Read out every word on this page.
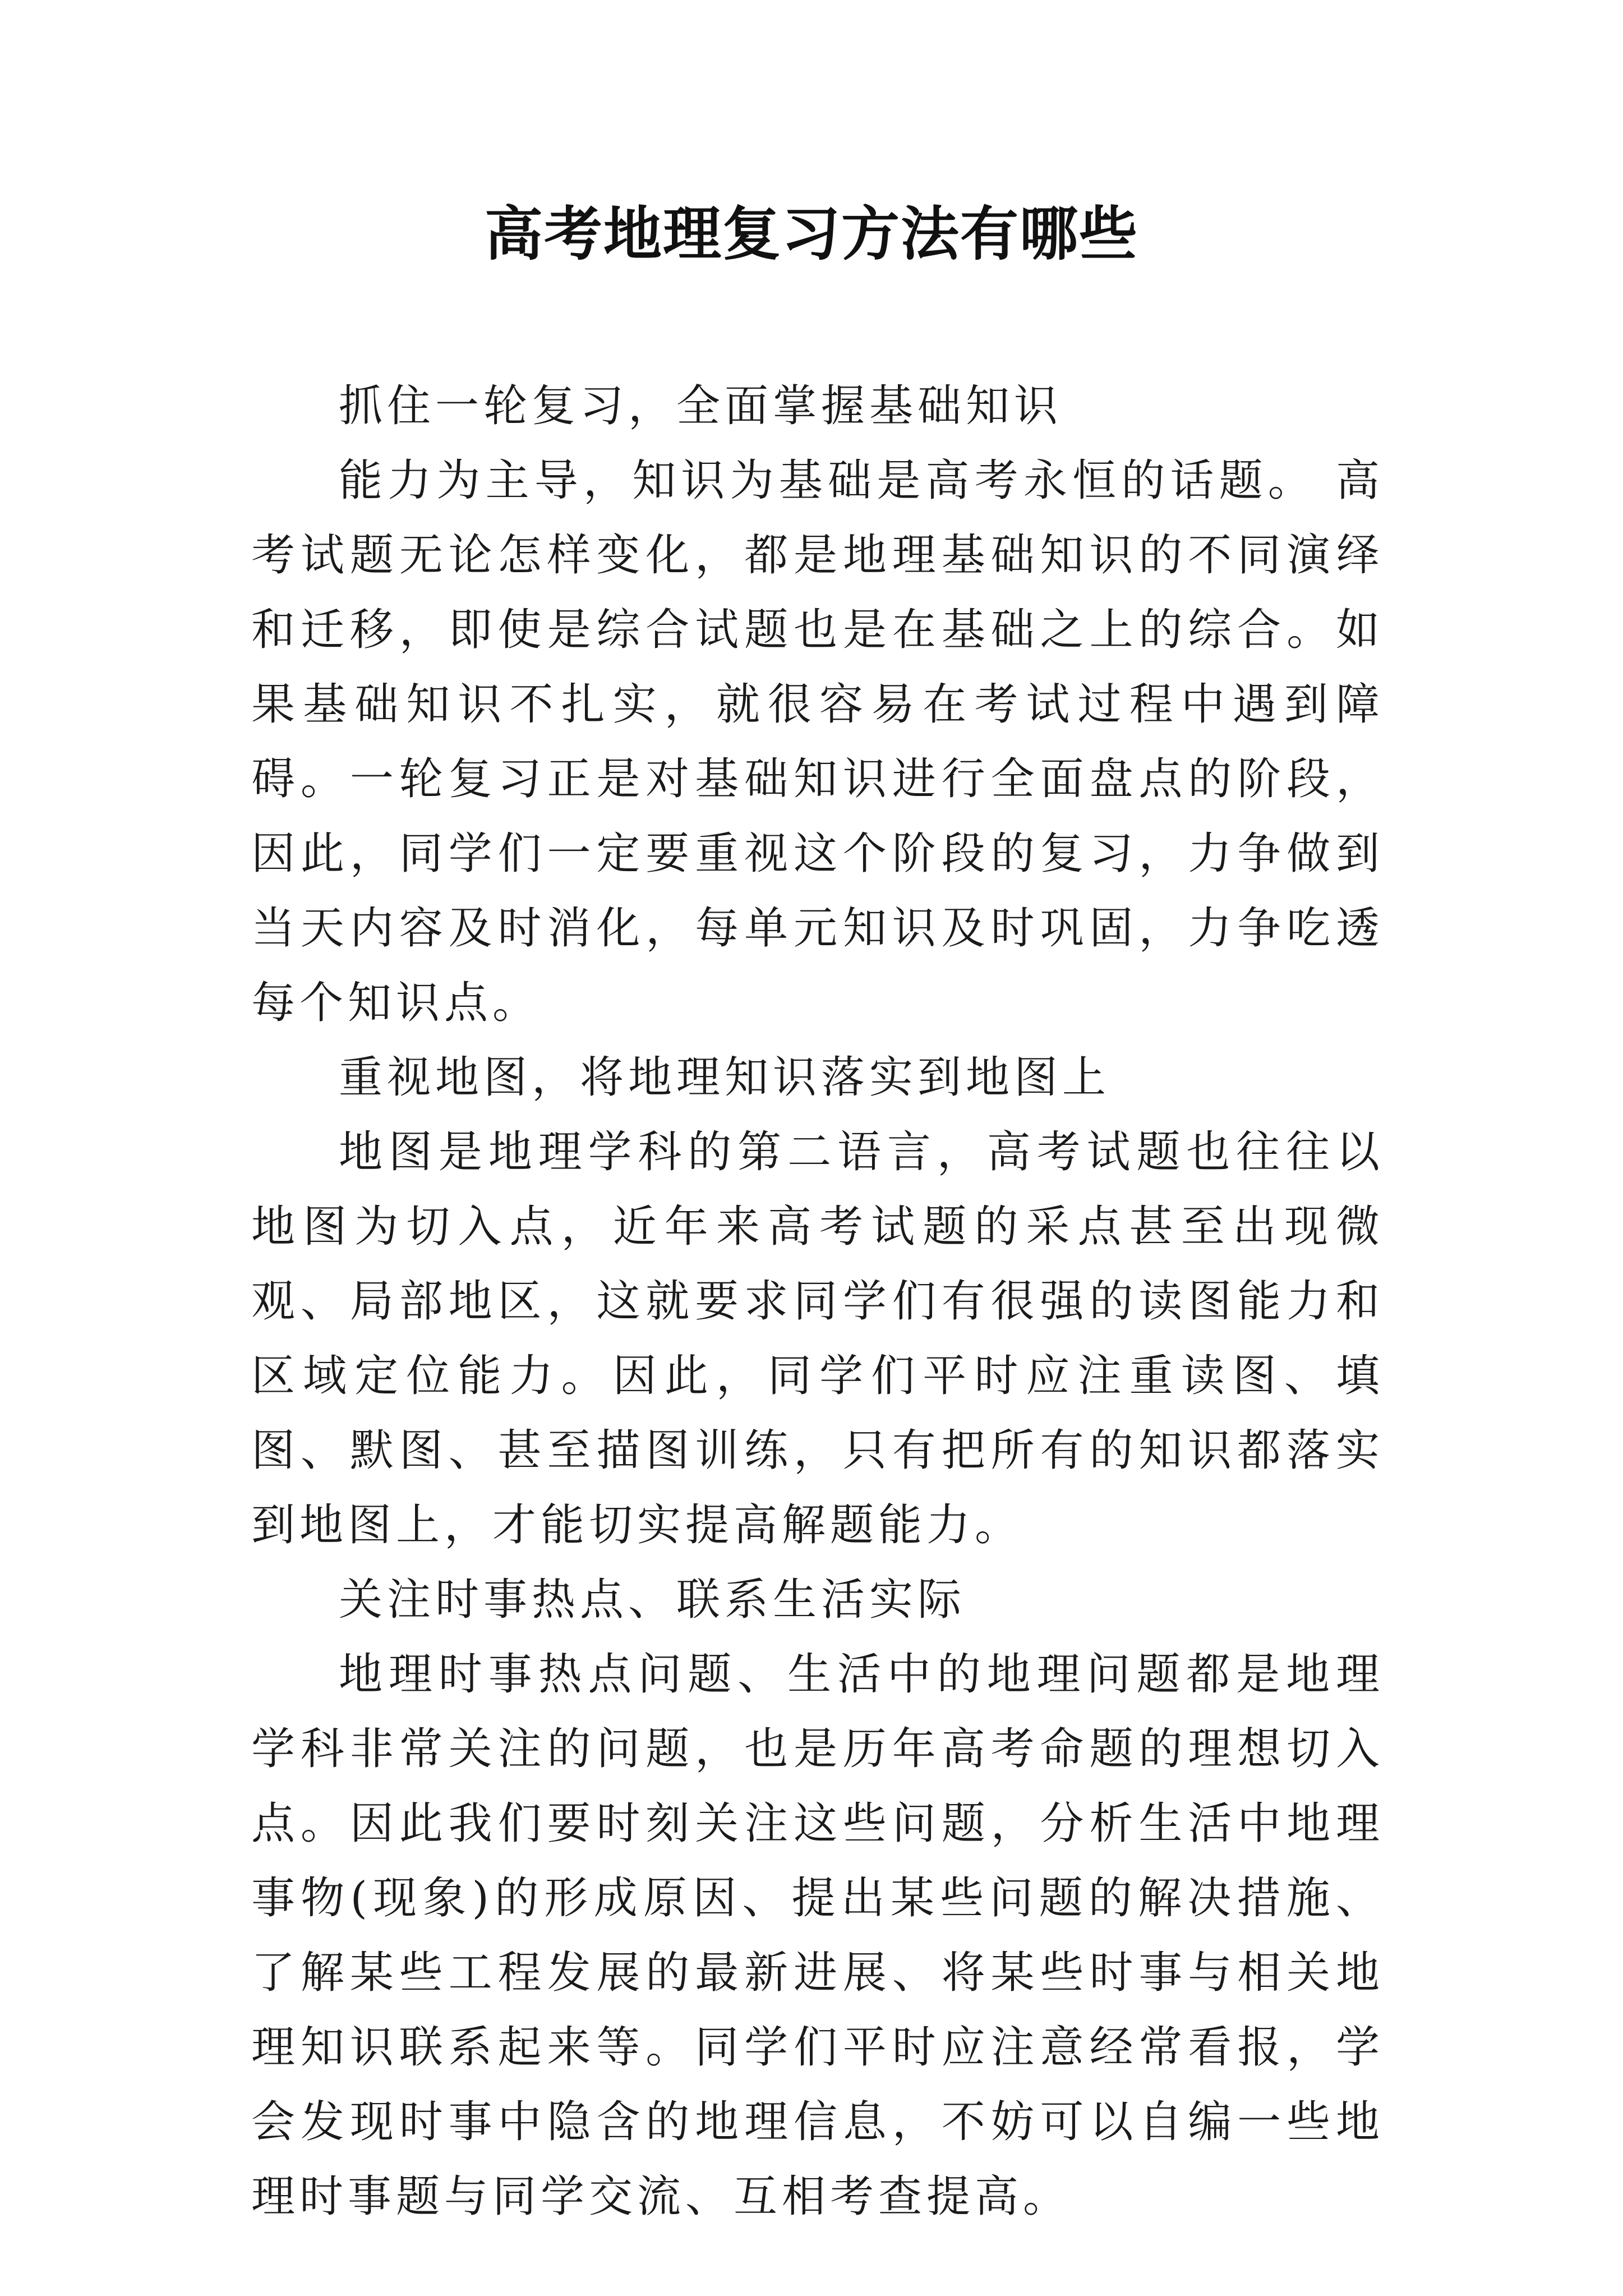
高考地理复习方法有哪些

抓住一轮复习，全面掌握基础知识

能力为主导，知识为基础是高考永恒的话题。 高考试题无论怎样变化，都是地理基础知识的不同演绎和迁移，即使是综合试题也是在基础之上的综合。如果基础知识不扎实，就很容易在考试过程中遇到障碍。一轮复习正是对基础知识进行全面盘点的阶段，因此，同学们一定要重视这个阶段的复习，力争做到当天内容及时消化，每单元知识及时巩固，力争吃透每个知识点。

重视地图，将地理知识落实到地图上

地图是地理学科的第二语言，高考试题也往往以地图为切入点，近年来高考试题的采点甚至出现微观、局部地区，这就要求同学们有很强的读图能力和区域定位能力。因此，同学们平时应注重读图、填图、默图、甚至描图训练，只有把所有的知识都落实到地图上，才能切实提高解题能力。

关注时事热点、联系生活实际

地理时事热点问题、生活中的地理问题都是地理学科非常关注的问题，也是历年高考命题的理想切入点。因此我们要时刻关注这些问题，分析生活中地理事物(现象)的形成原因、提出某些问题的解决措施、了解某些工程发展的最新进展、将某些时事与相关地理知识联系起来等。同学们平时应注意经常看报，学会发现时事中隐含的地理信息，不妨可以自编一些地理时事题与同学交流、互相考查提高。
